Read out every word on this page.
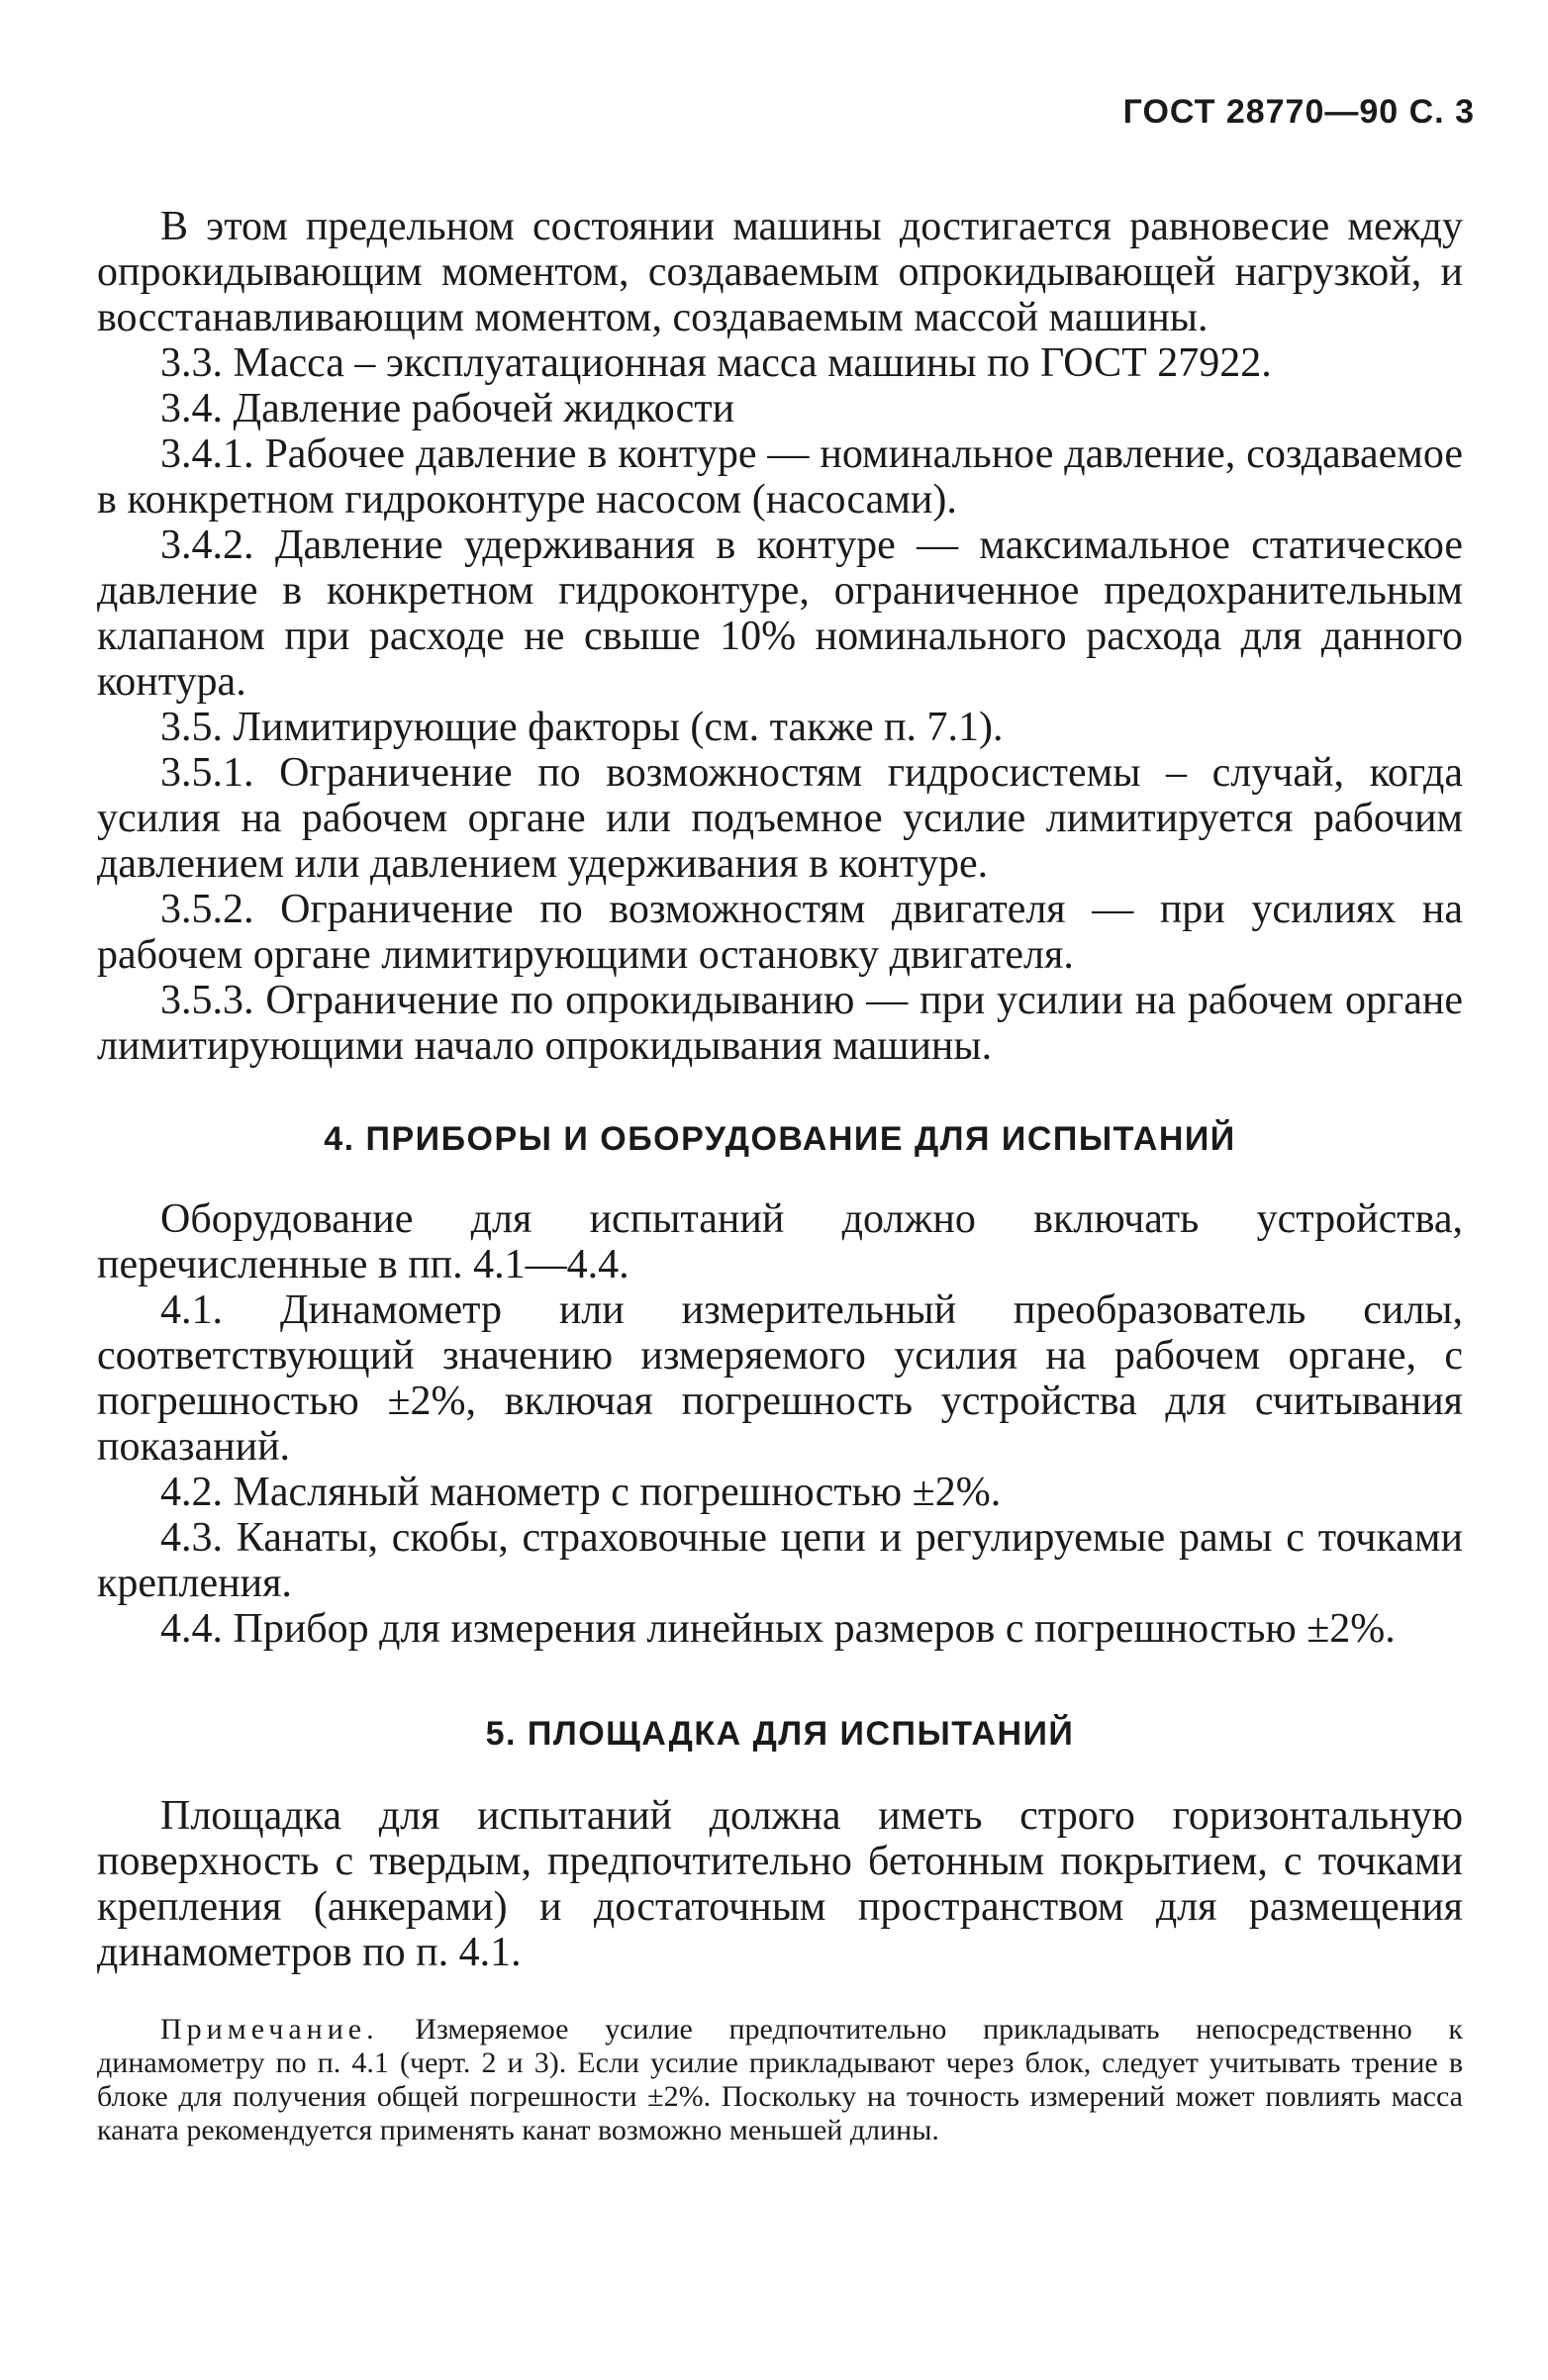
ГОСТ 28770—90 С. 3

В этом предельном состоянии машины достигается равновесие между опрокидывающим моментом, создаваемым опрокидывающей нагрузкой, и восстанавливающим моментом, создаваемым массой машины.

3.3. Масса – эксплуатационная масса машины по ГОСТ 27922.

3.4. Давление рабочей жидкости

3.4.1. Рабочее давление в контуре — номинальное давление, создаваемое в конкретном гидроконтуре насосом (насосами).

3.4.2. Давление удерживания в контуре — максимальное статическое давление в конкретном гидроконтуре, ограниченное предохранительным клапаном при расходе не свыше 10% номинального расхода для данного контура.

3.5. Лимитирующие факторы (см. также п. 7.1).

3.5.1. Ограничение по возможностям гидросистемы – случай, когда усилия на рабочем органе или подъемное усилие лимитируется рабочим давлением или давлением удерживания в контуре.

3.5.2. Ограничение по возможностям двигателя — при усилиях на рабочем органе лимитирующими остановку двигателя.

3.5.3. Ограничение по опрокидыванию — при усилии на рабочем органе лимитирующими начало опрокидывания машины.

4. ПРИБОРЫ И ОБОРУДОВАНИЕ ДЛЯ ИСПЫТАНИЙ

Оборудование для испытаний должно включать устройства, перечисленные в пп. 4.1—4.4.

4.1. Динамометр или измерительный преобразователь силы, соответствующий значению измеряемого усилия на рабочем органе, с погрешностью ±2%, включая погрешность устройства для считывания показаний.

4.2. Масляный манометр с погрешностью ±2%.

4.3. Канаты, скобы, страховочные цепи и регулируемые рамы с точками крепления.

4.4. Прибор для измерения линейных размеров с погрешностью ±2%.

5. ПЛОЩАДКА ДЛЯ ИСПЫТАНИЙ

Площадка для испытаний должна иметь строго горизонтальную поверхность с твердым, предпочтительно бетонным покрытием, с точками крепления (анкерами) и достаточным пространством для размещения динамометров по п. 4.1.

Примечание. Измеряемое усилие предпочтительно прикладывать непосредственно к динамометру по п. 4.1 (черт. 2 и 3). Если усилие прикладывают через блок, следует учитывать трение в блоке для получения общей погрешности ±2%. Поскольку на точность измерений может повлиять масса каната рекомендуется применять канат возможно меньшей длины.
